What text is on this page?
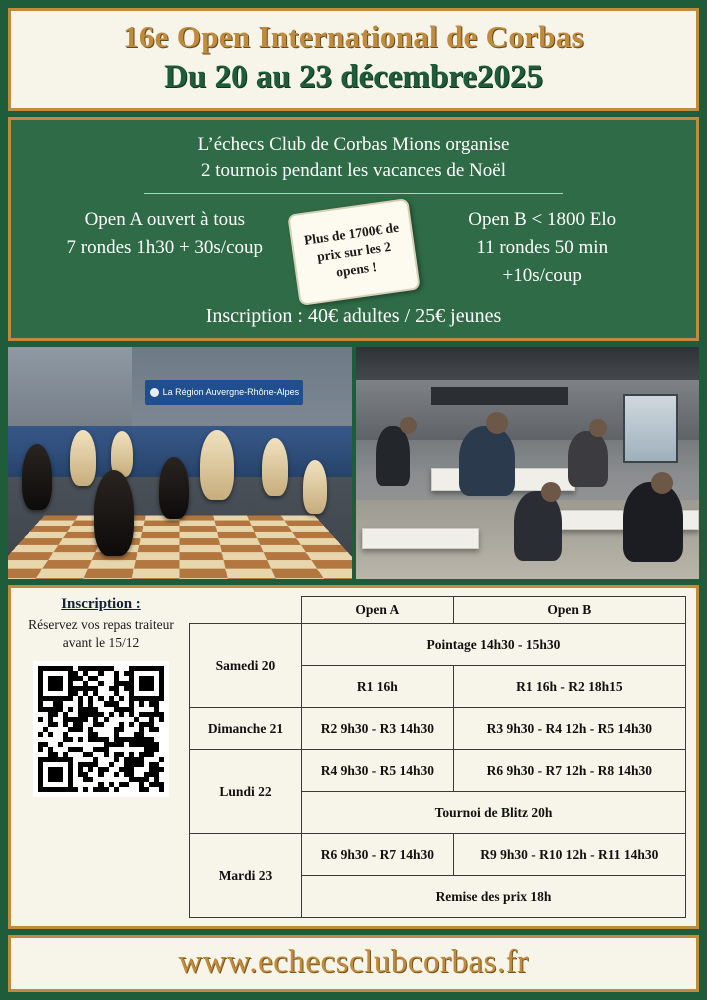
16e Open International de Corbas
Du 20 au 23 décembre2025
L’échecs Club de Corbas Mions organise
2 tournois pendant les vacances de Noël
Open A ouvert à tous
7 rondes 1h30 + 30s/coup
Open B < 1800 Elo
11 rondes 50 min
+10s/coup
Plus de 1700€ de prix sur les 2 opens !
Inscription : 40€ adultes / 25€ jeunes
La Région Auvergne-Rhône-Alpes
Inscription :
Réservez vos repas traiteur avant le 15/12
	Open A	Open B
Samedi 20	Pointage 14h30 - 15h30	
	R1 16h	R1 16h - R2 18h15
Dimanche 21	R2 9h30 - R3 14h30	R3 9h30 - R4 12h - R5 14h30
Lundi 22	R4 9h30 - R5 14h30	R6 9h30 - R7 12h - R8 14h30
	Tournoi de Blitz 20h	
Mardi 23	R6 9h30 - R7 14h30	R9 9h30 - R10 12h - R11 14h30
	Remise des prix 18h	
www.echecsclubcorbas.fr
